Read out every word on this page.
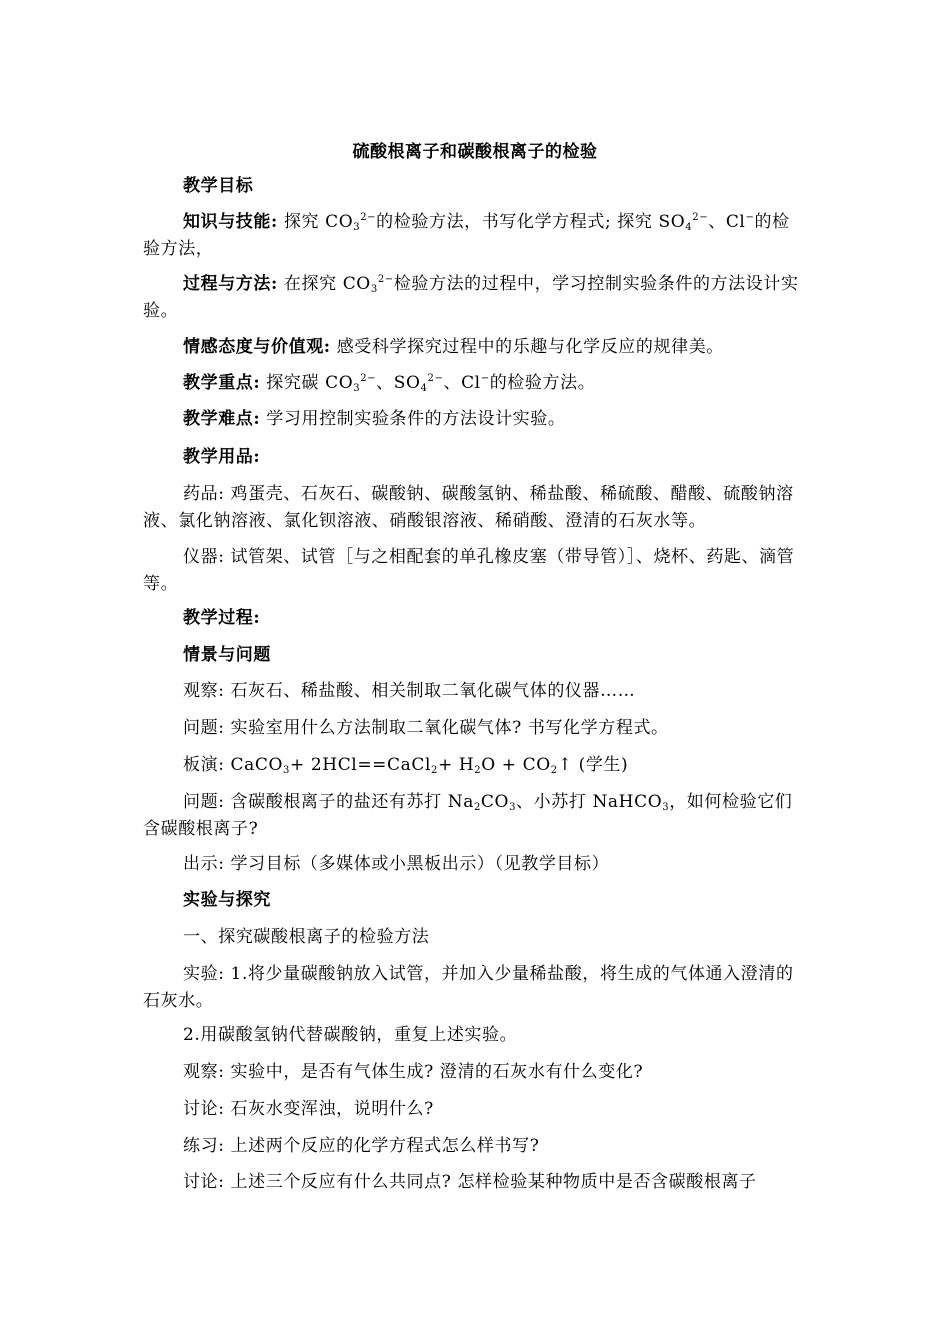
硫酸根离子和碳酸根离子的检验
教学目标
知识与技能: 探究 $CO_3^{2-}$的检验方法，书写化学方程式; 探究 $SO_4^{2-}$、Cl−的检验方法，
过程与方法: 在探究 $CO_3^{2-}$检验方法的过程中，学习控制实验条件的方法设计实验。
情感态度与价值观: 感受科学探究过程中的乐趣与化学反应的规律美。
教学重点: 探究碳 $CO_3^{2-}$、$SO_4^{2-}$、Cl−的检验方法。
教学难点: 学习用控制实验条件的方法设计实验。
教学用品:
药品: 鸡蛋壳、石灰石、碳酸钠、碳酸氢钠、稀盐酸、稀硫酸、醋酸、硫酸钠溶液、氯化钠溶液、氯化钡溶液、硝酸银溶液、稀硝酸、澄清的石灰水等。
仪器: 试管架、试管［与之相配套的单孔橡皮塞（带导管）］、烧杯、药匙、滴管等。
教学过程:
情景与问题
观察: 石灰石、稀盐酸、相关制取二氧化碳气体的仪器……
问题: 实验室用什么方法制取二氧化碳气体? 书写化学方程式。
板演: CaCO$_3$+ 2HCl==CaCl$_2$+ $H_2O$ + $CO_2↑$ (学生)
问题: 含碳酸根离子的盐还有苏打 $Na_2CO_3$、小苏打 NaHCO$_3$，如何检验它们含碳酸根离子?
出示: 学习目标（多媒体或小黑板出示）（见教学目标）
实验与探究
一、探究碳酸根离子的检验方法
实验: 1.将少量碳酸钠放入试管，并加入少量稀盐酸，将生成的气体通入澄清的石灰水。
2.用碳酸氢钠代替碳酸钠，重复上述实验。
观察: 实验中，是否有气体生成? 澄清的石灰水有什么变化?
讨论: 石灰水变浑浊，说明什么?
练习: 上述两个反应的化学方程式怎么样书写?
讨论: 上述三个反应有什么共同点? 怎样检验某种物质中是否含碳酸根离子
